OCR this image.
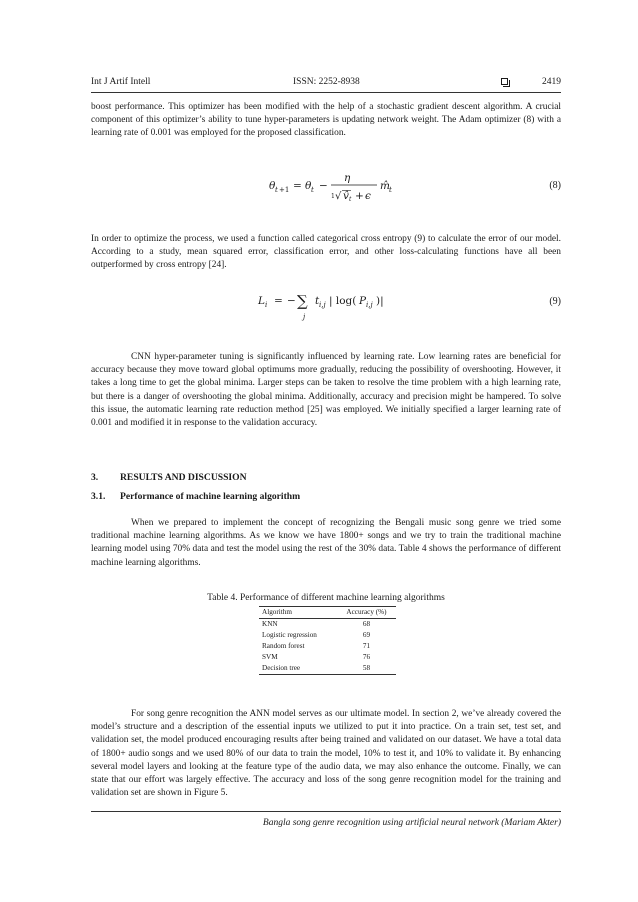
Int J Artif Intell	ISSN: 2252-8938	2419
boost performance. This optimizer has been modified with the help of a stochastic gradient descent algorithm. A crucial component of this optimizer’s ability to tune hyper-parameters is updating network weight. The Adam optimizer (8) with a learning rate of 0.001 was employed for the proposed classification.
θ t +1 = θ t −
η
1 √ v̂ t + ϵ
m̂ t	(8)
In order to optimize the process, we used a function called categorical cross entropy (9) to calculate the error of our model. According to a study, mean squared error, classification error, and other loss-calculating functions have all been outperformed by cross entropy [24].
L i = − ∑
j
t i,j | log( P i,j )|	(9)
CNN hyper-parameter tuning is significantly influenced by learning rate. Low learning rates are beneficial for accuracy because they move toward global optimums more gradually, reducing the possibility of overshooting. However, it takes a long time to get the global minima. Larger steps can be taken to resolve the time problem with a high learning rate, but there is a danger of overshooting the global minima. Additionally, accuracy and precision might be hampered. To solve this issue, the automatic learning rate reduction method [25] was employed. We initially specified a larger learning rate of 0.001 and modified it in response to the validation accuracy.
3. RESULTS AND DISCUSSION
3.1. Performance of machine learning algorithm
When we prepared to implement the concept of recognizing the Bengali music song genre we tried some traditional machine learning algorithms. As we know we have 1800+ songs and we try to train the traditional machine learning model using 70% data and test the model using the rest of the 30% data. Table 4 shows the performance of different machine learning algorithms.
Table 4. Performance of different machine learning algorithms
Algorithm	Accuracy (%)
KNN	68
Logistic regression	69
Random forest	71
SVM	76
Decision tree	58
For song genre recognition the ANN model serves as our ultimate model. In section 2, we’ve already covered the model’s structure and a description of the essential inputs we utilized to put it into practice. On a train set, test set, and validation set, the model produced encouraging results after being trained and validated on our dataset. We have a total data of 1800+ audio songs and we used 80% of our data to train the model, 10% to test it, and 10% to validate it. By enhancing several model layers and looking at the feature type of the audio data, we may also enhance the outcome. Finally, we can state that our effort was largely effective. The accuracy and loss of the song genre recognition model for the training and validation set are shown in Figure 5.
Bangla song genre recognition using artificial neural network (Mariam Akter)
